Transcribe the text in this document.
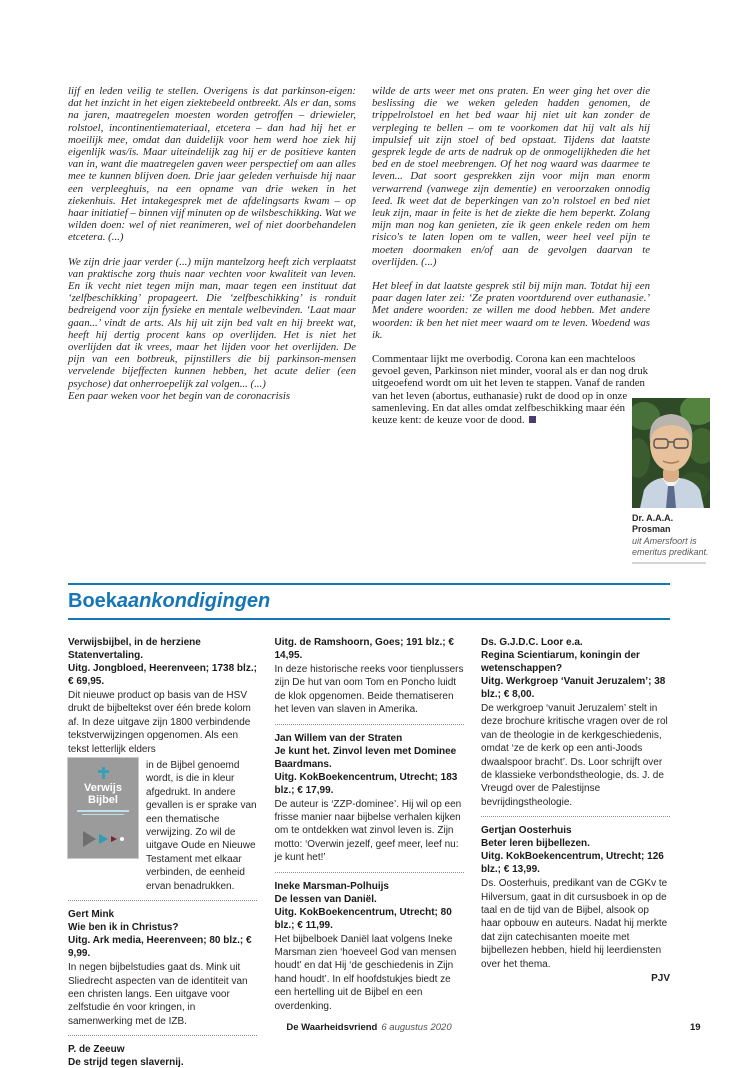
lijf en leden veilig te stellen. Overigens is dat parkinson-eigen: dat het inzicht in het eigen ziektebeeld ontbreekt. Als er dan, soms na jaren, maatregelen moesten worden getroffen – driewieler, rolstoel, incontinentiemateriaal, etcetera – dan had hij het er moeilijk mee, omdat dan duidelijk voor hem werd hoe ziek hij eigenlijk was/is. Maar uiteindelijk zag hij er de positieve kanten van in, want die maatregelen gaven weer perspectief om aan alles mee te kunnen blijven doen. Drie jaar geleden verhuisde hij naar een verpleeghuis, na een opname van drie weken in het ziekenhuis. Het intakegesprek met de afdelingsarts kwam – op haar initiatief – binnen vijf minuten op de wilsbeschikking. Wat we wilden doen: wel of niet reanimeren, wel of niet doorbehandelen etcetera. (...)

We zijn drie jaar verder (...) mijn mantelzorg heeft zich verplaatst van praktische zorg thuis naar vechten voor kwaliteit van leven. En ik vecht niet tegen mijn man, maar tegen een instituut dat ‘zelfbeschikking’ propageert. Die ‘zelfbeschikking’ is ronduit bedreigend voor zijn fysieke en mentale welbevinden. ‘Laat maar gaan...’ vindt de arts. Als hij uit zijn bed valt en hij breekt wat, heeft hij dertig procent kans op overlijden. Het is niet het overlijden dat ik vrees, maar het lijden voor het overlijden. De pijn van een botbreuk, pijnstillers die bij parkinson-mensen vervelende bijeffecten kunnen hebben, het acute delier (een psychose) dat onherroepelijk zal volgen... (...)

Een paar weken voor het begin van de coronacrisis

wilde de arts weer met ons praten. En weer ging het over die beslissing die we weken geleden hadden genomen, de trippelrolstoel en het bed waar hij niet uit kan zonder de verpleging te bellen – om te voorkomen dat hij valt als hij impulsief uit zijn stoel of bed opstaat. Tijdens dat laatste gesprek legde de arts de nadruk op de onmogelijkheden die het bed en de stoel meebrengen. Of het nog waard was daarmee te leven... Dat soort gesprekken zijn voor mijn man enorm verwarrend (vanwege zijn dementie) en veroorzaken onnodig leed. Ik weet dat de beperkingen van zo'n rolstoel en bed niet leuk zijn, maar in feite is het de ziekte die hem beperkt. Zolang mijn man nog kan genieten, zie ik geen enkele reden om hem risico's te laten lopen om te vallen, weer heel veel pijn te moeten doormaken en/of aan de gevolgen daarvan te overlijden. (...)

Het bleef in dat laatste gesprek stil bij mijn man. Totdat hij een paar dagen later zei: ‘Ze praten voortdurend over euthanasie.’ Met andere woorden: ze willen me dood hebben. Met andere woorden: ik ben het niet meer waard om te leven. Woedend was ik.

Commentaar lijkt me overbodig. Corona kan een machteloos gevoel geven, Parkinson niet minder, vooral als er dan nog druk uitgeoefend wordt om uit het leven te stappen. Vanaf de randen van het leven (abortus, euthanasie) rukt de dood op in onze samenleving. En dat alles omdat zelfbeschikking maar één keuze kent: de keuze voor de dood.

Dr. A.A.A. Prosman
uit Amersfoort is emeritus predikant.
Boekaankondigingen
Verwijsbijbel, in de herziene Statenvertaling.
Uitg. Jongbloed, Heerenveen; 1738 blz.; € 69,95.
Dit nieuwe product op basis van de HSV drukt de bijbeltekst over één brede kolom af. In deze uitgave zijn 1800 verbindende tekstverwijzingen opgenomen. Als een tekst letterlijk elders
Verwijs
Bijbel
in de Bijbel genoemd wordt, is die in kleur afgedrukt. In andere gevallen is er sprake van een thematische verwijzing. Zo wil de uitgave Oude en Nieuwe Testament met elkaar verbinden, de eenheid ervan benadrukken.
Gert Mink
Wie ben ik in Christus?
Uitg. Ark media, Heerenveen; 80 blz.; € 9,99.
In negen bijbelstudies gaat ds. Mink uit Sliedrecht aspecten van de identiteit van een christen langs. Een uitgave voor zelfstudie én voor kringen, in samenwerking met de IZB.
P. de Zeeuw
De strijd tegen slavernij.
Uitg. de Ramshoorn, Goes; 191 blz.; € 14,95.
In deze historische reeks voor tienplussers zijn De hut van oom Tom en Poncho luidt de klok opgenomen. Beide thematiseren het leven van slaven in Amerika.
Jan Willem van der Straten
Je kunt het. Zinvol leven met Dominee Baardmans.
Uitg. KokBoekencentrum, Utrecht; 183 blz.; € 17,99.
De auteur is ‘ZZP-dominee’. Hij wil op een frisse manier naar bijbelse verhalen kijken om te ontdekken wat zinvol leven is. Zijn motto: ‘Overwin jezelf, geef meer, leef nu: je kunt het!’
Ineke Marsman-Polhuijs
De lessen van Daniël.
Uitg. KokBoekencentrum, Utrecht; 80 blz.; € 11,99.
Het bijbelboek Daniël laat volgens Ineke Marsman zien ‘hoeveel God van mensen houdt’ en dat Hij ‘de geschiedenis in Zijn hand houdt’. In elf hoofdstukjes biedt ze een hertelling uit de Bijbel en een overdenking.
Ds. G.J.D.C. Loor e.a.
Regina Scientiarum, koningin der wetenschappen?
Uitg. Werkgroep ‘Vanuit Jeruzalem’; 38 blz.; € 8,00.
De werkgroep ‘vanuit Jeruzalem’ stelt in deze brochure kritische vragen over de rol van de theologie in de kerkgeschiedenis, omdat ‘ze de kerk op een anti-Joods dwaalspoor bracht’. Ds. Loor schrijft over de klassieke verbondstheologie, ds. J. de Vreugd over de Palestijnse bevrijdingstheologie.
Gertjan Oosterhuis
Beter leren bijbellezen.
Uitg. KokBoekencentrum, Utrecht; 126 blz.; € 13,99.
Ds. Oosterhuis, predikant van de CGKv te Hilversum, gaat in dit cursusboek in op de taal en de tijd van de Bijbel, alsook op haar opbouw en auteurs. Nadat hij merkte dat zijn catechisanten moeite met bijbellezen hebben, hield hij leerdiensten over het thema.
PJV
De Waarheidsvriend 6 augustus 2020	19
